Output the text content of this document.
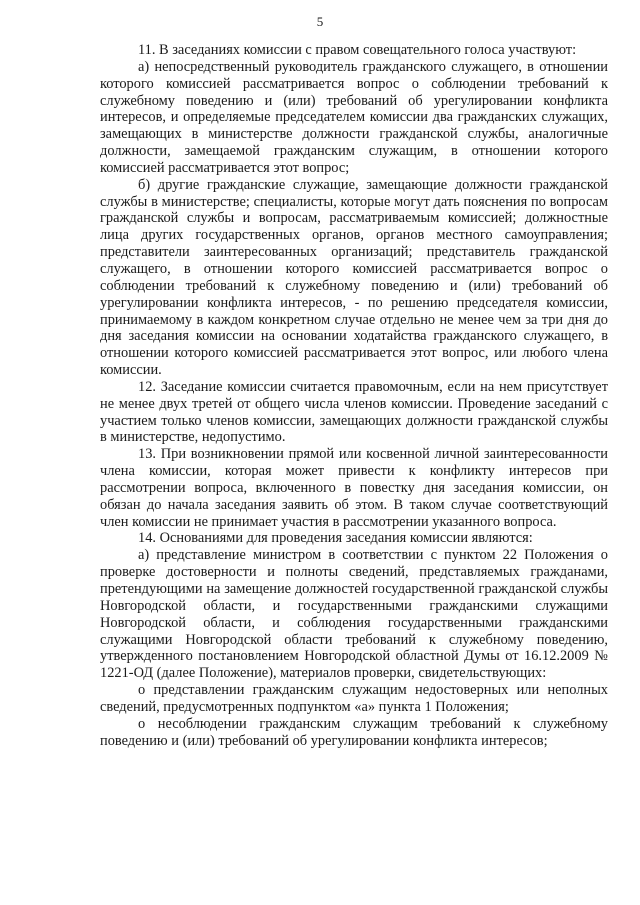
5

11. В заседаниях комиссии с правом совещательного голоса участвуют:

а) непосредственный руководитель гражданского служащего, в отношении которого комиссией рассматривается вопрос о соблюдении требований к служебному поведению и (или) требований об урегулировании конфликта интересов, и определяемые председателем комиссии два гражданских служащих, замещающих в министерстве должности гражданской службы, аналогичные должности, замещаемой гражданским служащим, в отношении которого комиссией рассматривается этот вопрос;

б) другие гражданские служащие, замещающие должности гражданской службы в министерстве; специалисты, которые могут дать пояснения по вопросам гражданской службы и вопросам, рассматриваемым комиссией; должностные лица других государственных органов, органов местного самоуправления; представители заинтересованных организаций; представитель гражданской служащего, в отношении которого комиссией рассматривается вопрос о соблюдении требований к служебному поведению и (или) требований об урегулировании конфликта интересов, - по решению председателя комиссии, принимаемому в каждом конкретном случае отдельно не менее чем за три дня до дня заседания комиссии на основании ходатайства гражданского служащего, в отношении которого комиссией рассматривается этот вопрос, или любого члена комиссии.

12. Заседание комиссии считается правомочным, если на нем присутствует не менее двух третей от общего числа членов комиссии. Проведение заседаний с участием только членов комиссии, замещающих должности гражданской службы в министерстве, недопустимо.

13. При возникновении прямой или косвенной личной заинтересованности члена комиссии, которая может привести к конфликту интересов при рассмотрении вопроса, включенного в повестку дня заседания комиссии, он обязан до начала заседания заявить об этом. В таком случае соответствующий член комиссии не принимает участия в рассмотрении указанного вопроса.

14. Основаниями для проведения заседания комиссии являются:

а) представление министром в соответствии с пунктом 22 Положения о проверке достоверности и полноты сведений, представляемых гражданами, претендующими на замещение должностей государственной гражданской службы Новгородской области, и государственными гражданскими служащими Новгородской области, и соблюдения государственными гражданскими служащими Новгородской области требований к служебному поведению, утвержденного постановлением Новгородской областной Думы от 16.12.2009 № 1221-ОД (далее Положение), материалов проверки, свидетельствующих:

о представлении гражданским служащим недостоверных или неполных сведений, предусмотренных подпунктом «а» пункта 1 Положения;

о несоблюдении гражданским служащим требований к служебному поведению и (или) требований об урегулировании конфликта интересов;
